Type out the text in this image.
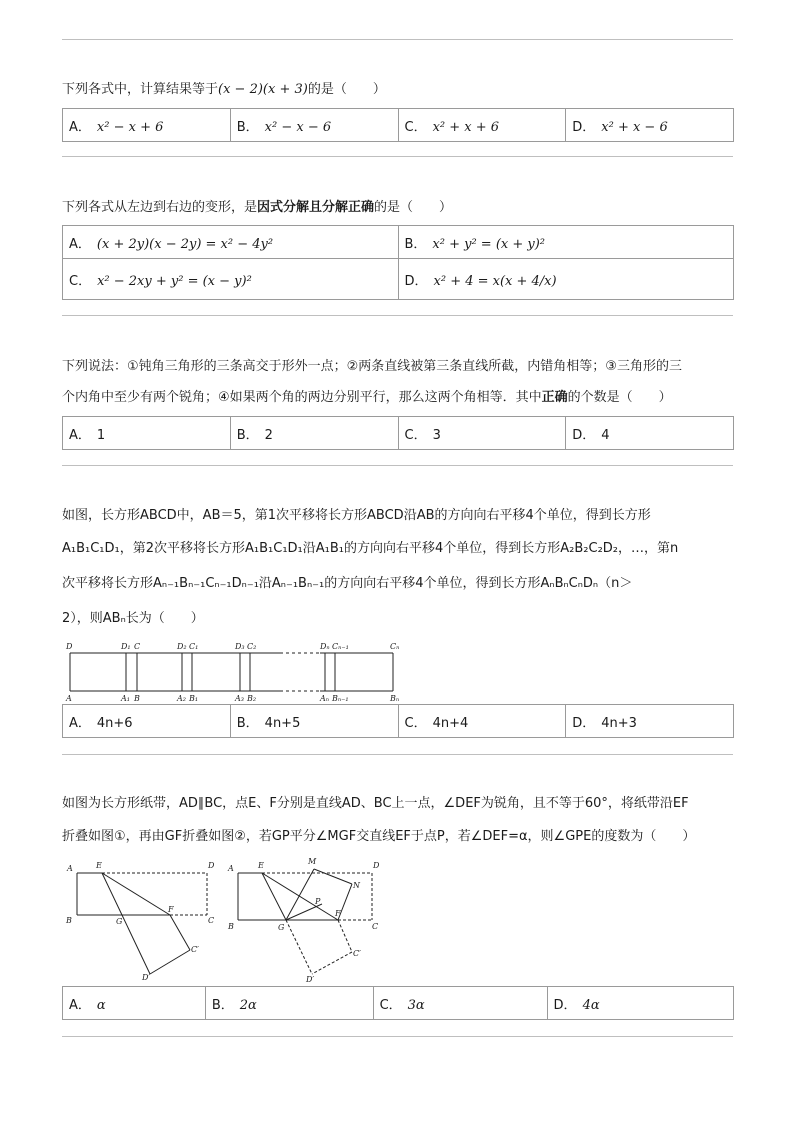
下列各式中，计算结果等于(x − 2)(x + 3)的是（　　）
A． x² − x + 6	B． x² − x − 6	C． x² + x + 6	D． x² + x − 6
下列各式从左边到右边的变形，是因式分解且分解正确的是（　　）
A． (x + 2y)(x − 2y) = x² − 4y²	B． x² + y² = (x + y)²
C． x² − 2xy + y² = (x − y)²	D． x² + 4 = x(x + 4/x)
下列说法：①钝角三角形的三条高交于形外一点；②两条直线被第三条直线所截，内错角相等；③三角形的三
个内角中至少有两个锐角；④如果两个角的两边分别平行，那么这两个角相等．其中正确的个数是（　　）
A． 1	B． 2	C． 3	D． 4
如图，长方形ABCD中，AB＝5，第1次平移将长方形ABCD沿AB的方向向右平移4个单位，得到长方形
A₁B₁C₁D₁，第2次平移将长方形A₁B₁C₁D₁沿A₁B₁的方向向右平移4个单位，得到长方形A₂B₂C₂D₂，…，第n
次平移将长方形Aₙ₋₁Bₙ₋₁Cₙ₋₁Dₙ₋₁沿Aₙ₋₁Bₙ₋₁的方向向右平移4个单位，得到长方形AₙBₙCₙDₙ（n＞
2），则ABₙ长为（　　）
D	D₁ C	D₂ C₁	D₃ C₂	Dₙ Cₙ₋₁	Cₙ
A	A₁ B	A₂ B₁	A₃ B₂	Aₙ Bₙ₋₁	Bₙ
A． 4n+6	B． 4n+5	C． 4n+4	D． 4n+3
如图为长方形纸带，AD∥BC，点E、F分别是直线AD、BC上一点，∠DEF为锐角，且不等于60°，将纸带沿EF
折叠如图①，再由GF折叠如图②，若GP平分∠MGF交直线EF于点P，若∠DEF=α，则∠GPE的度数为（　　）
A	E	D
B	G
F
C
C′
D′
A	E	M	D
N
P
B	G
F
C
C′
D′
A． α	B． 2α	C． 3α	D． 4α
